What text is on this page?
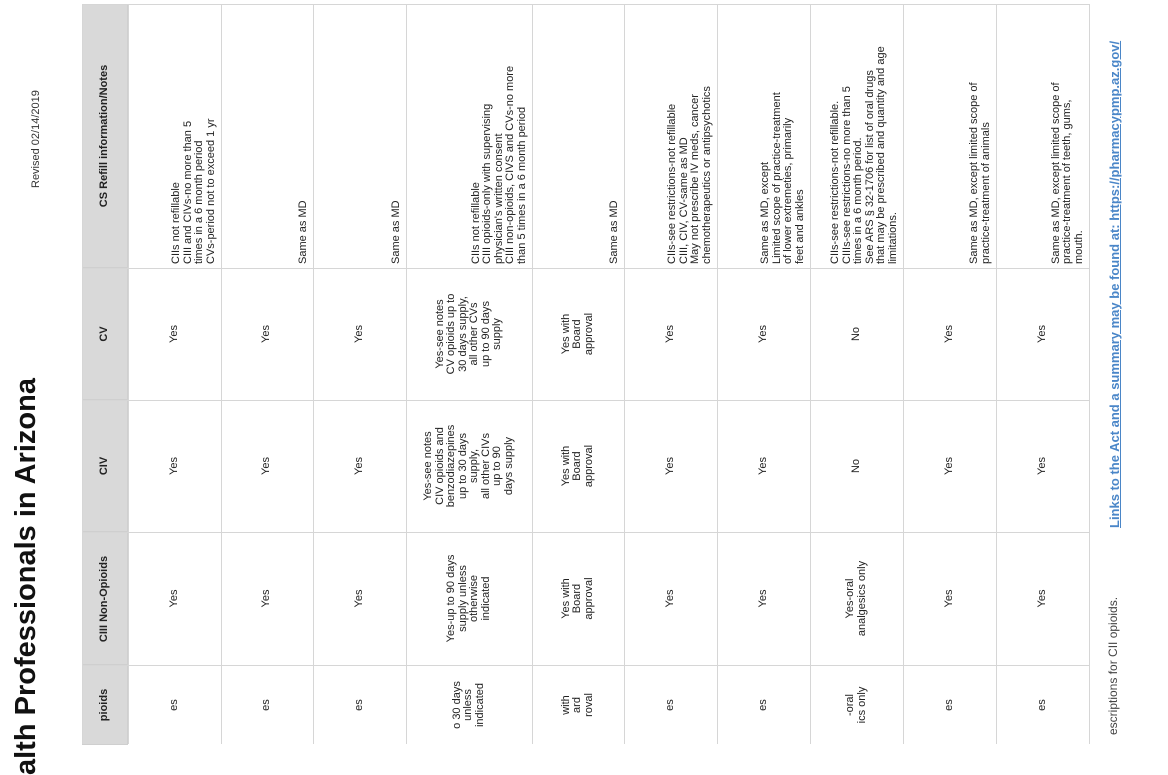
alth Professionals in Arizona
Revised 02/14/2019
escriptions for CII opioids.
Links to the Act and a summary may be found at: https://pharmacypmp.az.gov/
pioids
CIII Non-Opioids
CIV
CV
CS Refill information/Notes
es
Yes
Yes
Yes
CIIs not refillable
CIII and CIVs-no more than 5
times in a 6 month period
CVs-period not to exceed 1 yr
es
Yes
Yes
Yes
Same as MD
es
Yes
Yes
Yes
Same as MD
o 30 days
unless
indicated
Yes-up to 90 days
supply unless
otherwise
indicated
Yes-see notes
CIV opioids and
benzodiazepines
up to 30 days
supply,
all other CIVs
up to 90
days supply
Yes-see notes
CV opioids up to
30 days supply,
all other CVs
up to 90 days
supply
CIIs not refillable
CIII opioids-only with supervising
physician's written consent
CIII non-opioids, CIVS and CVs-no more
than 5 times in a 6 month period
with
ard
roval
Yes with
Board
approval
Yes with
Board
approval
Yes with
Board
approval
Same as MD
es
Yes
Yes
Yes
CIIs-see restrictions-not refillable
CIII, CIV, CV-same as MD
May not prescribe IV meds, cancer
chemotherapeutics or antipsychotics
es
Yes
Yes
Yes
Same as MD, except
Limited scope of practice-treatment
of lower extremeties, primarily
feet and ankles
-oral
ics only
Yes-oral
analgesics only
No
No
CIIs-see restrictions-not refillable.
CIIIs-see restrictions-no more than 5
times in a 6 month period.
See ARS § 32-1706 for list of oral drugs
that may be prescribed and quantity and age
limitations.
es
Yes
Yes
Yes
Same as MD, except limited scope of
practice-treatment of animals
es
Yes
Yes
Yes
Same as MD, except limited scope of
practice-treatment of teeth, gums,
mouth.
